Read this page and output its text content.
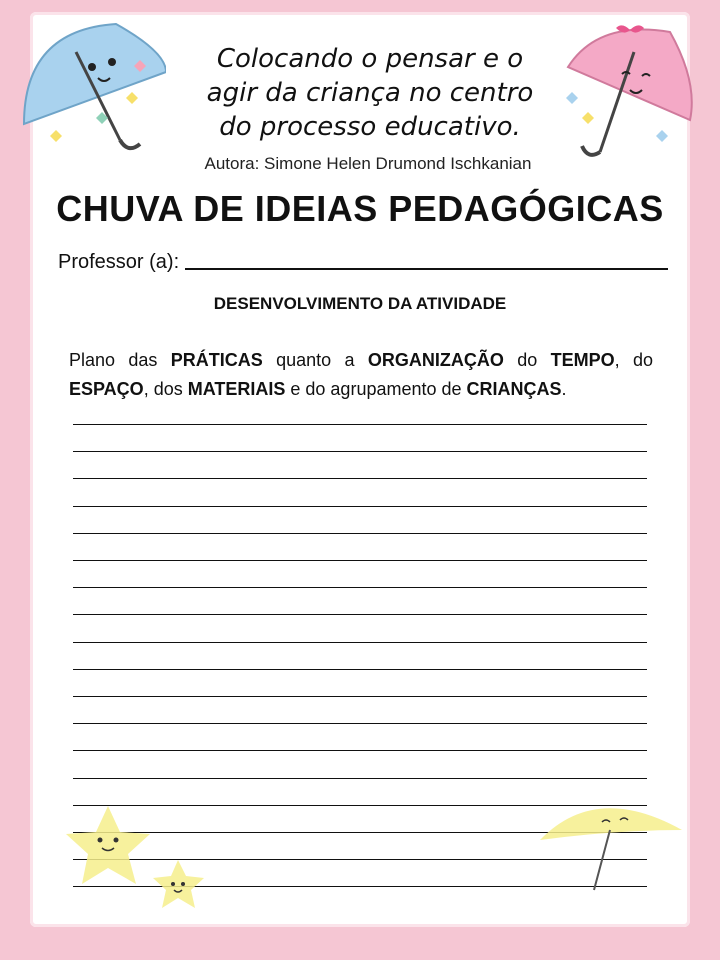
Colocando o pensar e o
agir da criança no centro
do processo educativo.
Autora: Simone Helen Drumond Ischkanian
CHUVA DE IDEIAS PEDAGÓGICAS
Professor (a):
DESENVOLVIMENTO DA ATIVIDADE
Plano das PRÁTICAS quanto a ORGANIZAÇÃO do TEMPO, do ESPAÇO, dos MATERIAIS e do agrupamento de CRIANÇAS.
